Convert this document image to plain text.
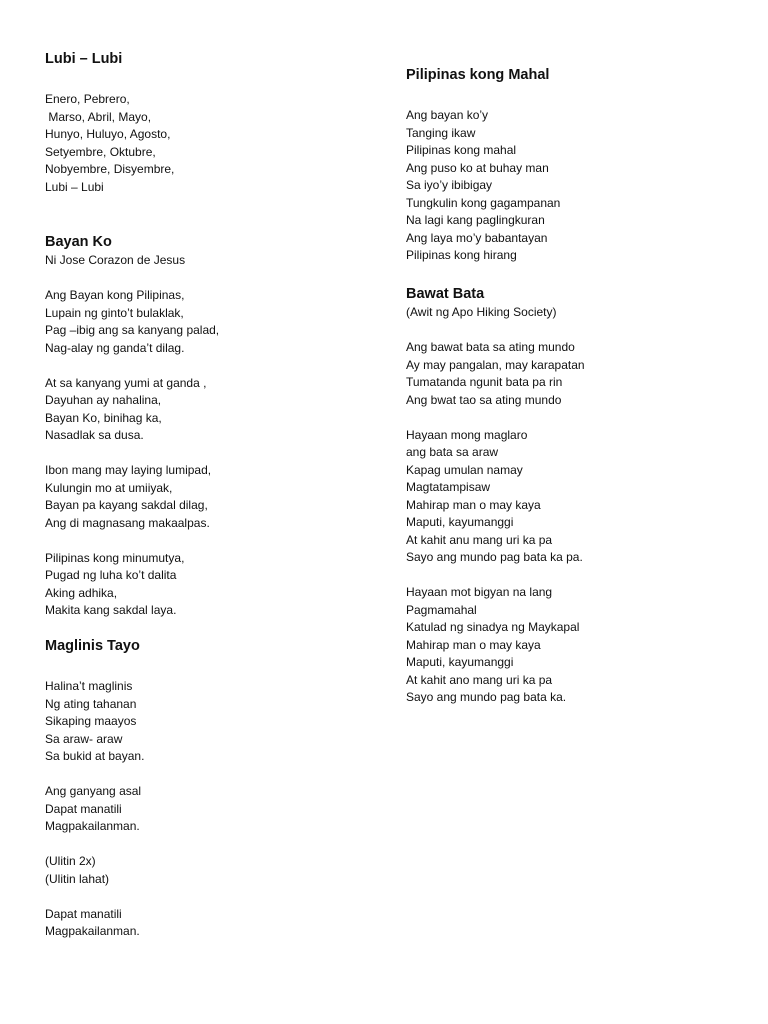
Lubi – Lubi
Enero, Pebrero,
Marso, Abril, Mayo,
Hunyo, Huluyo, Agosto,
Setyembre, Oktubre,
Nobyembre, Disyembre,
Lubi – Lubi
Bayan Ko
Ni Jose Corazon de Jesus
Ang Bayan kong Pilipinas,
Lupain ng ginto’t bulaklak,
Pag –ibig ang sa kanyang palad,
Nag-alay ng ganda’t dilag.
At sa kanyang yumi at ganda ,
Dayuhan ay nahalina,
Bayan Ko, binihag ka,
Nasadlak sa dusa.
Ibon mang may laying lumipad,
Kulungin mo at umiiyak,
Bayan pa kayang sakdal dilag,
Ang di magnasang makaalpas.
Pilipinas kong minumutya,
Pugad ng luha ko’t dalita
Aking adhika,
Makita kang sakdal laya.
Maglinis Tayo
Halina’t maglinis
Ng ating tahanan
Sikaping maayos
Sa araw- araw
Sa bukid at bayan.
Ang ganyang asal
Dapat manatili
Magpakailanman.
(Ulitin 2x)
(Ulitin lahat)
Dapat manatili
Magpakailanman.
Pilipinas kong Mahal
Ang bayan ko’y
Tanging ikaw
Pilipinas kong mahal
Ang puso ko at buhay man
Sa iyo’y ibibigay
Tungkulin kong gagampanan
Na lagi kang paglingkuran
Ang laya mo’y babantayan
Pilipinas kong hirang
Bawat Bata
(Awit ng Apo Hiking Society)
Ang bawat bata sa ating mundo
Ay may pangalan, may karapatan
Tumatanda ngunit bata pa rin
Ang bwat tao sa ating mundo
Hayaan mong maglaro
ang bata sa araw
Kapag umulan namay
Magtatampisaw
Mahirap man o may kaya
Maputi, kayumanggi
At kahit anu mang uri ka pa
Sayo ang mundo pag bata ka pa.
Hayaan mot bigyan na lang
Pagmamahal
Katulad ng sinadya ng Maykapal
Mahirap man o may kaya
Maputi, kayumanggi
At kahit ano mang uri ka pa
Sayo ang mundo pag bata ka.
